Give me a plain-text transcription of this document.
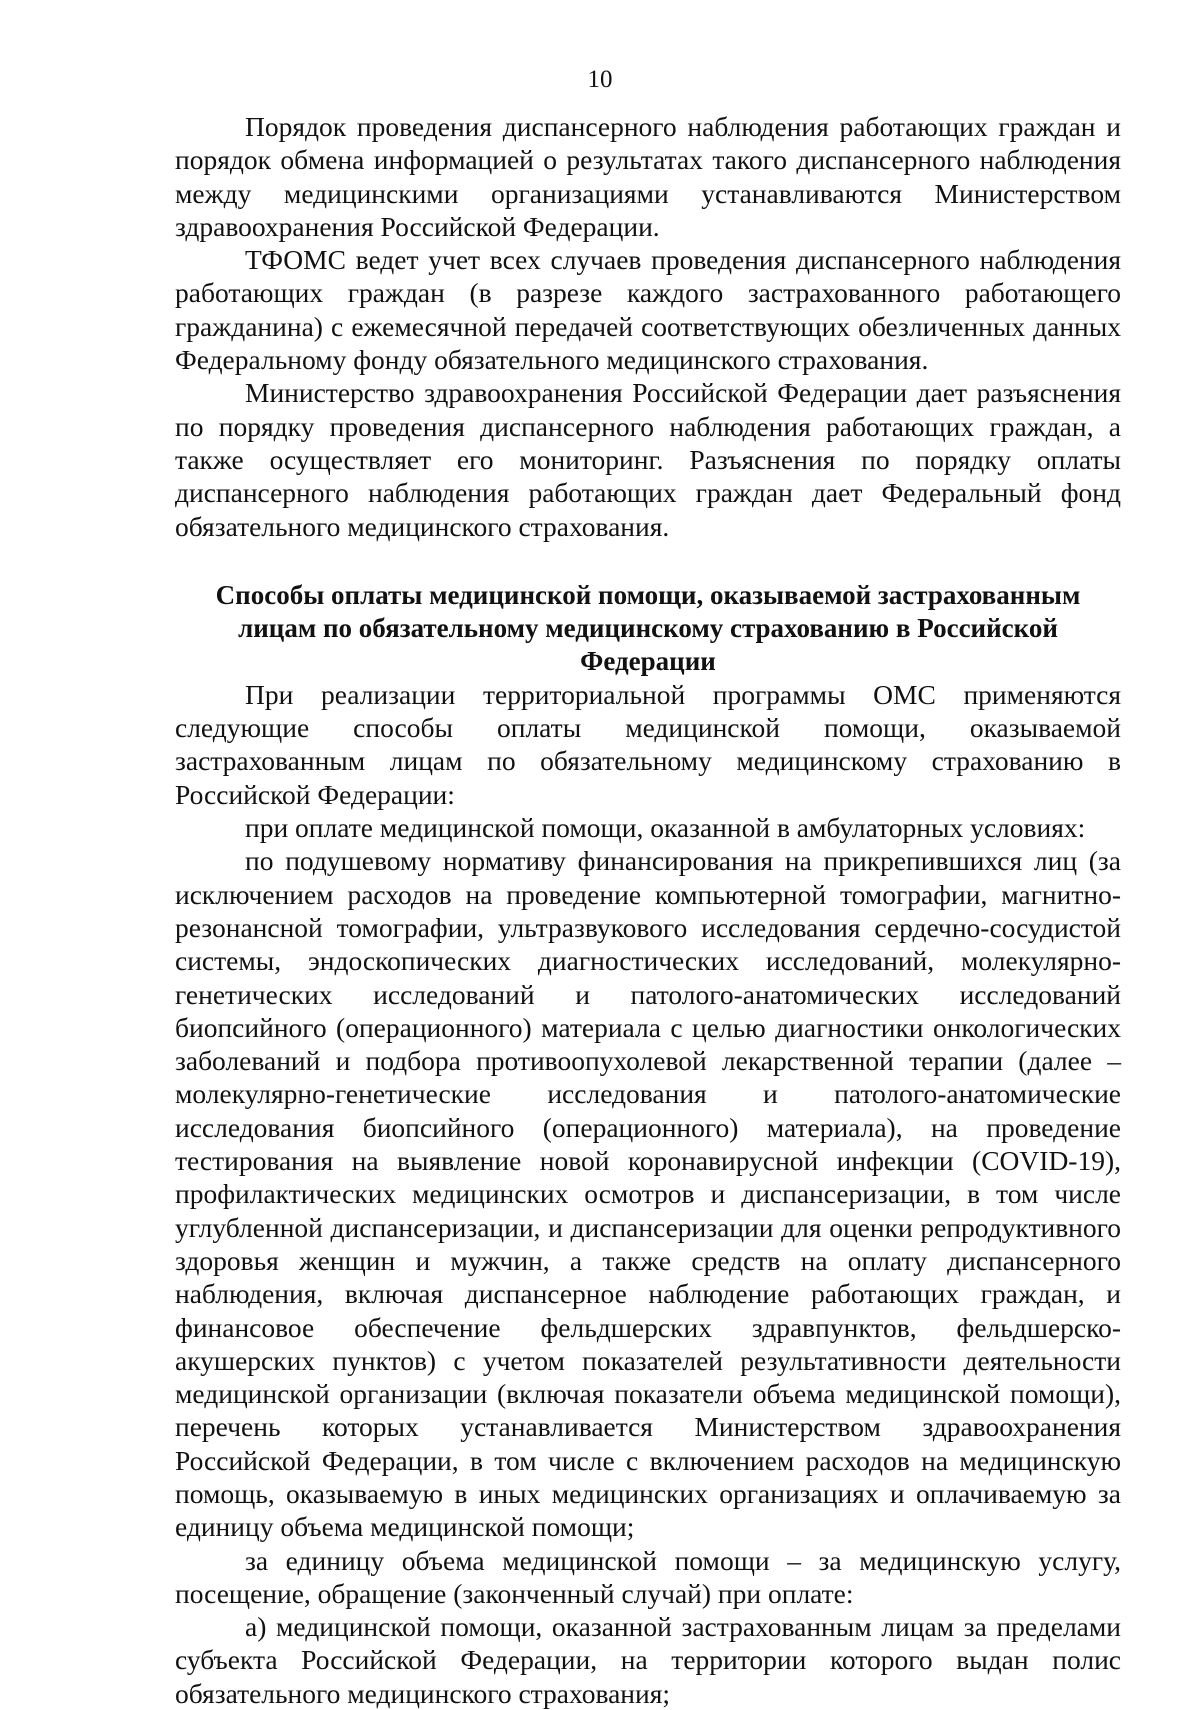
10

Порядок проведения диспансерного наблюдения работающих граждан и порядок обмена информацией о результатах такого диспансерного наблюдения между медицинскими организациями устанавливаются Министерством здравоохранения Российской Федерации.

ТФОМС ведет учет всех случаев проведения диспансерного наблюдения работающих граждан (в разрезе каждого застрахованного работающего гражданина) с ежемесячной передачей соответствующих обезличенных данных Федеральному фонду обязательного медицинского страхования.

Министерство здравоохранения Российской Федерации дает разъяснения по порядку проведения диспансерного наблюдения работающих граждан, а также осуществляет его мониторинг. Разъяснения по порядку оплаты диспансерного наблюдения работающих граждан дает Федеральный фонд обязательного медицинского страхования.

Способы оплаты медицинской помощи, оказываемой застрахованным лицам по обязательному медицинскому страхованию в Российской Федерации

При реализации территориальной программы ОМС применяются следующие способы оплаты медицинской помощи, оказываемой застрахованным лицам по обязательному медицинскому страхованию в Российской Федерации:

при оплате медицинской помощи, оказанной в амбулаторных условиях:

по подушевому нормативу финансирования на прикрепившихся лиц (за исключением расходов на проведение компьютерной томографии, магнитно-резонансной томографии, ультразвукового исследования сердечно-сосудистой системы, эндоскопических диагностических исследований, молекулярно-генетических исследований и патолого-анатомических исследований биопсийного (операционного) материала с целью диагностики онкологических заболеваний и подбора противоопухолевой лекарственной терапии (далее – молекулярно-генетические исследования и патолого-анатомические исследования биопсийного (операционного) материала), на проведение тестирования на выявление новой коронавирусной инфекции (COVID-19), профилактических медицинских осмотров и диспансеризации, в том числе углубленной диспансеризации, и диспансеризации для оценки репродуктивного здоровья женщин и мужчин, а также средств на оплату диспансерного наблюдения, включая диспансерное наблюдение работающих граждан, и финансовое обеспечение фельдшерских здравпунктов, фельдшерско-акушерских пунктов) с учетом показателей результативности деятельности медицинской организации (включая показатели объема медицинской помощи), перечень которых устанавливается Министерством здравоохранения Российской Федерации, в том числе с включением расходов на медицинскую помощь, оказываемую в иных медицинских организациях и оплачиваемую за единицу объема медицинской помощи;

за единицу объема медицинской помощи – за медицинскую услугу, посещение, обращение (законченный случай) при оплате:

а) медицинской помощи, оказанной застрахованным лицам за пределами субъекта Российской Федерации, на территории которого выдан полис обязательного медицинского страхования;
